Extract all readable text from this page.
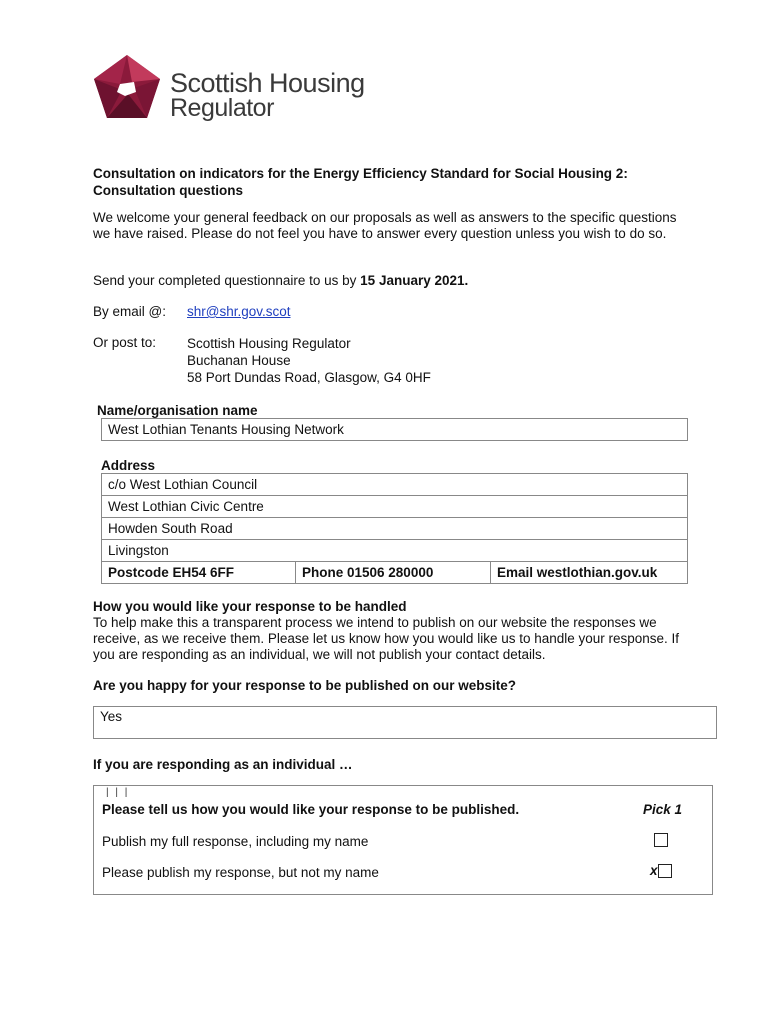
Scottish Housing
Regulator
Consultation on indicators for the Energy Efficiency Standard for Social Housing 2: Consultation questions
We welcome your general feedback on our proposals as well as answers to the specific questions we have raised. Please do not feel you have to answer every question unless you wish to do so.
Send your completed questionnaire to us by 15 January 2021.
By email @: shr@shr.gov.scot
Or post to: Scottish Housing Regulator
Buchanan House
58 Port Dundas Road, Glasgow, G4 0HF
Name/organisation name
West Lothian Tenants Housing Network
Address
c/o West Lothian Council
West Lothian Civic Centre
Howden South Road
Livingston
Postcode EH54 6FF	Phone 01506 280000	Email westlothian.gov.uk
How you would like your response to be handled
To help make this a transparent process we intend to publish on our website the responses we receive, as we receive them. Please let us know how you would like us to handle your response. If you are responding as an individual, we will not publish your contact details.
Are you happy for your response to be published on our website?
Yes
If you are responding as an individual …
| | |
Please tell us how you would like your response to be published.	Pick 1
Publish my full response, including my name
Please publish my response, but not my name	x
